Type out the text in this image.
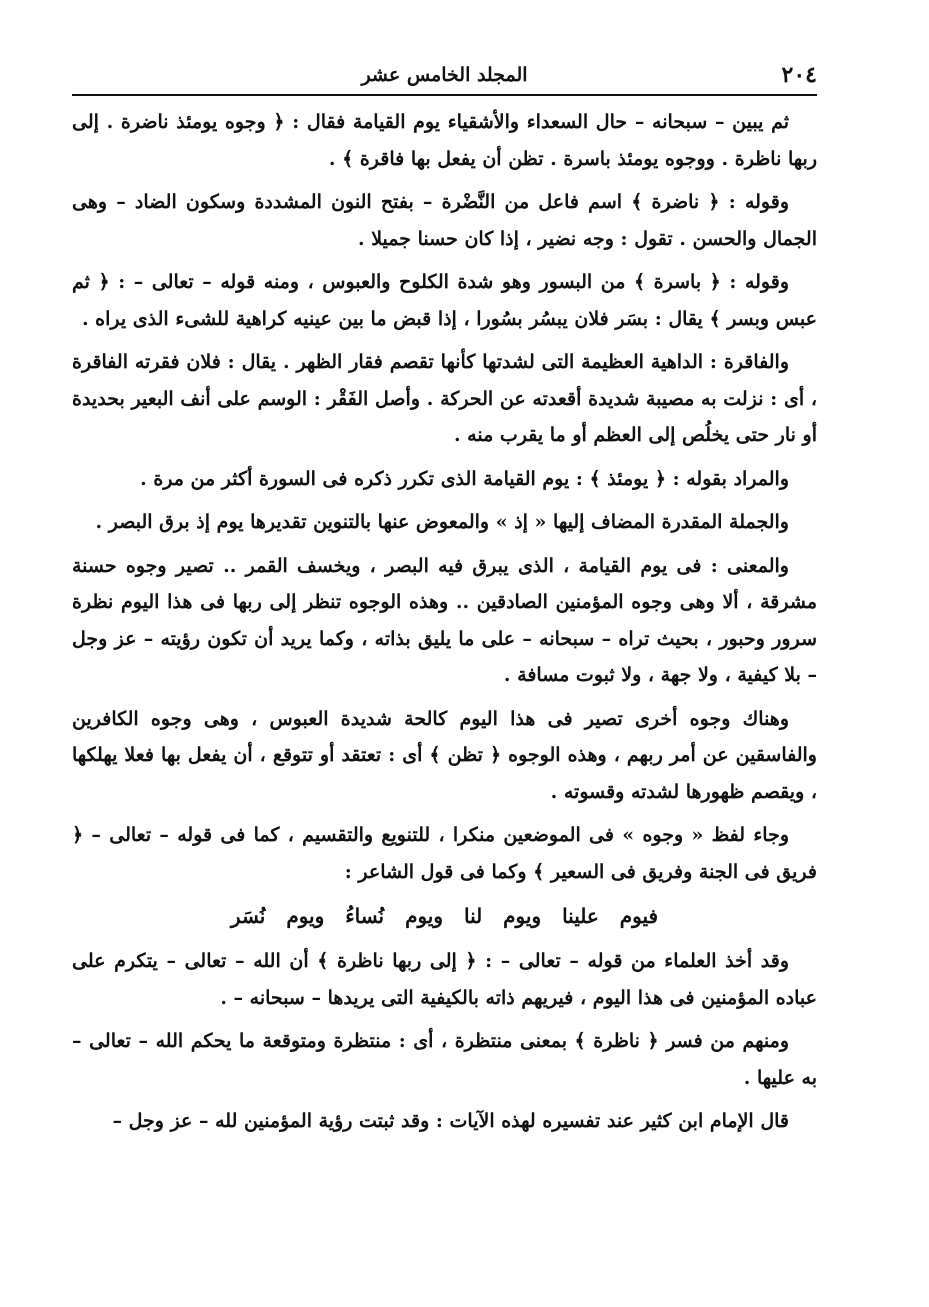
٢٠٤
المجلد الخامس عشر

ثم يبين – سبحانه – حال السعداء والأشقياء يوم القيامة فقال : ﴿ وجوه يومئذ ناضرة . إلى ربها ناظرة . ووجوه يومئذ باسرة . تظن أن يفعل بها فاقرة ﴾ .

وقوله : ﴿ ناضرة ﴾ اسم فاعل من النَّضْرة – بفتح النون المشددة وسكون الضاد – وهى الجمال والحسن . تقول : وجه نضير ، إذا كان حسنا جميلا .

وقوله : ﴿ باسرة ﴾ من البسور وهو شدة الكلوح والعبوس ، ومنه قوله – تعالى – : ﴿ ثم عبس وبسر ﴾ يقال : بسَر فلان يبسُر بسُورا ، إذا قبض ما بين عينيه كراهية للشىء الذى يراه .

والفاقرة : الداهية العظيمة التى لشدتها كأنها تقصم فقار الظهر . يقال : فلان فقرته الفاقرة ، أى : نزلت به مصيبة شديدة أقعدته عن الحركة . وأصل الفَقْر : الوسم على أنف البعير بحديدة أو نار حتى يخلُص إلى العظم أو ما يقرب منه .

والمراد بقوله : ﴿ يومئذ ﴾ : يوم القيامة الذى تكرر ذكره فى السورة أكثر من مرة .

والجملة المقدرة المضاف إليها « إذ » والمعوض عنها بالتنوين تقديرها يوم إذ برق البصر .

والمعنى : فى يوم القيامة ، الذى يبرق فيه البصر ، ويخسف القمر .. تصير وجوه حسنة مشرقة ، ألا وهى وجوه المؤمنين الصادقين .. وهذه الوجوه تنظر إلى ربها فى هذا اليوم نظرة سرور وحبور ، بحيث تراه – سبحانه – على ما يليق بذاته ، وكما يريد أن تكون رؤيته – عز وجل – بلا كيفية ، ولا جهة ، ولا ثبوت مسافة .

وهناك وجوه أخرى تصير فى هذا اليوم كالحة شديدة العبوس ، وهى وجوه الكافرين والفاسقين عن أمر ربهم ، وهذه الوجوه ﴿ تظن ﴾ أى : تعتقد أو تتوقع ، أن يفعل بها فعلا يهلكها ، ويقصم ظهورها لشدته وقسوته .

وجاء لفظ « وجوه » فى الموضعين منكرا ، للتنويع والتقسيم ، كما فى قوله – تعالى – ﴿ فريق فى الجنة وفريق فى السعير ﴾ وكما فى قول الشاعر :

فيوم علينا ويوم لنا ويوم نُساءُ ويوم نُسَر

وقد أخذ العلماء من قوله – تعالى – : ﴿ إلى ربها ناظرة ﴾ أن الله – تعالى – يتكرم على عباده المؤمنين فى هذا اليوم ، فيريهم ذاته بالكيفية التى يريدها – سبحانه – .

ومنهم من فسر ﴿ ناظرة ﴾ بمعنى منتظرة ، أى : منتظرة ومتوقعة ما يحكم الله – تعالى – به عليها .

قال الإمام ابن كثير عند تفسيره لهذه الآيات : وقد ثبتت رؤية المؤمنين لله – عز وجل –
